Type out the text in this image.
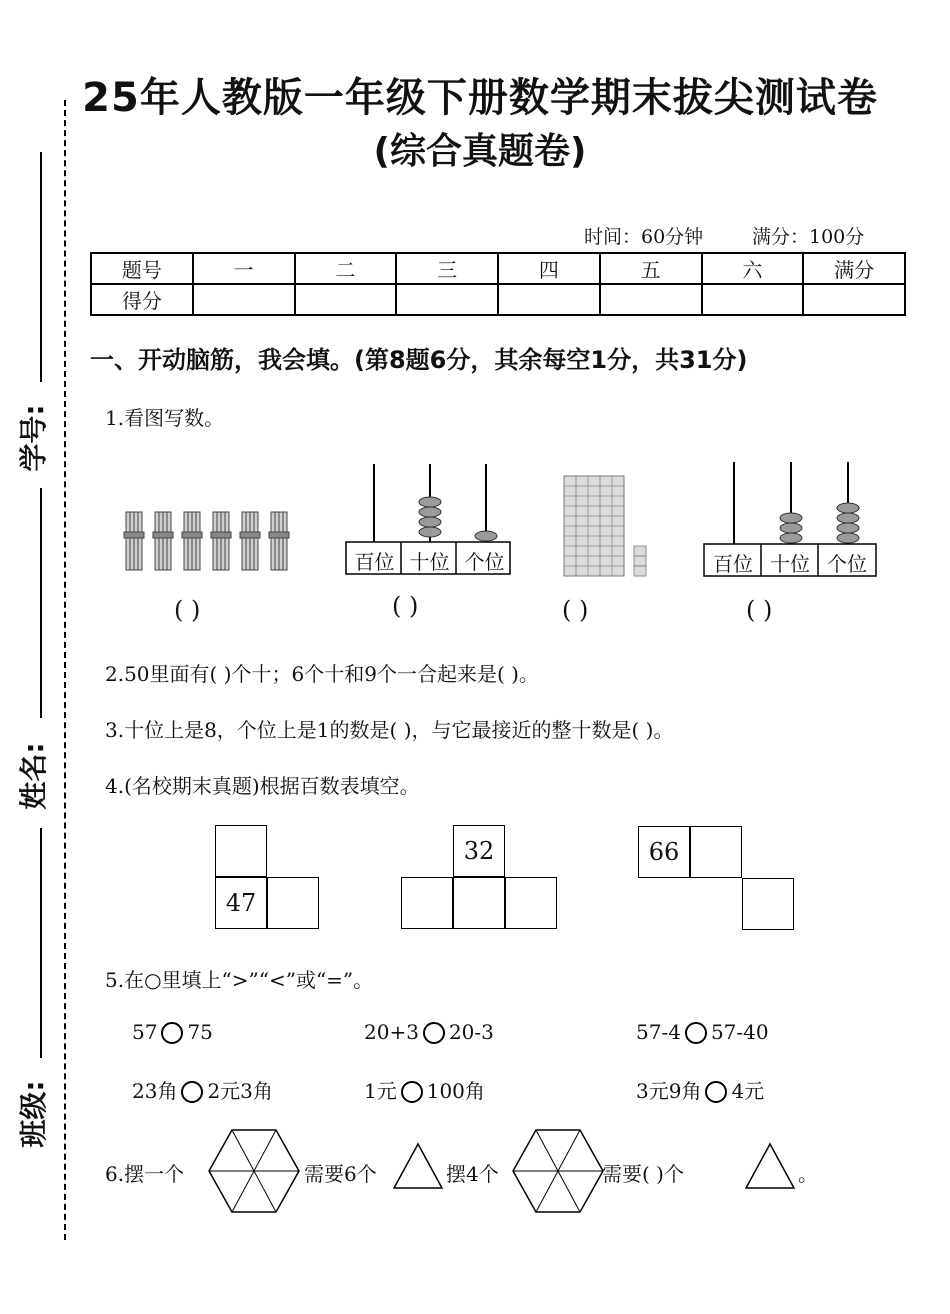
学号:
姓名:
班级:
25年人教版一年级下册数学期末拔尖测试卷
(综合真题卷)
时间：60分钟	满分：100分
题号	一	二	三	四	五	六	满分
得分							
一、开动脑筋，我会填。(第8题6分，其余每空1分，共31分)
1.看图写数。
( )
百位 十位 个位
( )	( )
百位 十位 个位
( )
2.50里面有( )个十；6个十和9个一合起来是( )。
3.十位上是8，个位上是1的数是( )，与它最接近的整十数是( )。
4.(名校期末真题)根据百数表填空。
47
32	66
5.在○里填上“>”“<”或“=”。
57 75	20+3 20-3	57-4 57-40
23角 2元3角	1元 100角	3元9角 4元
6.摆一个	需要6个	摆4个	需要( )个	。
